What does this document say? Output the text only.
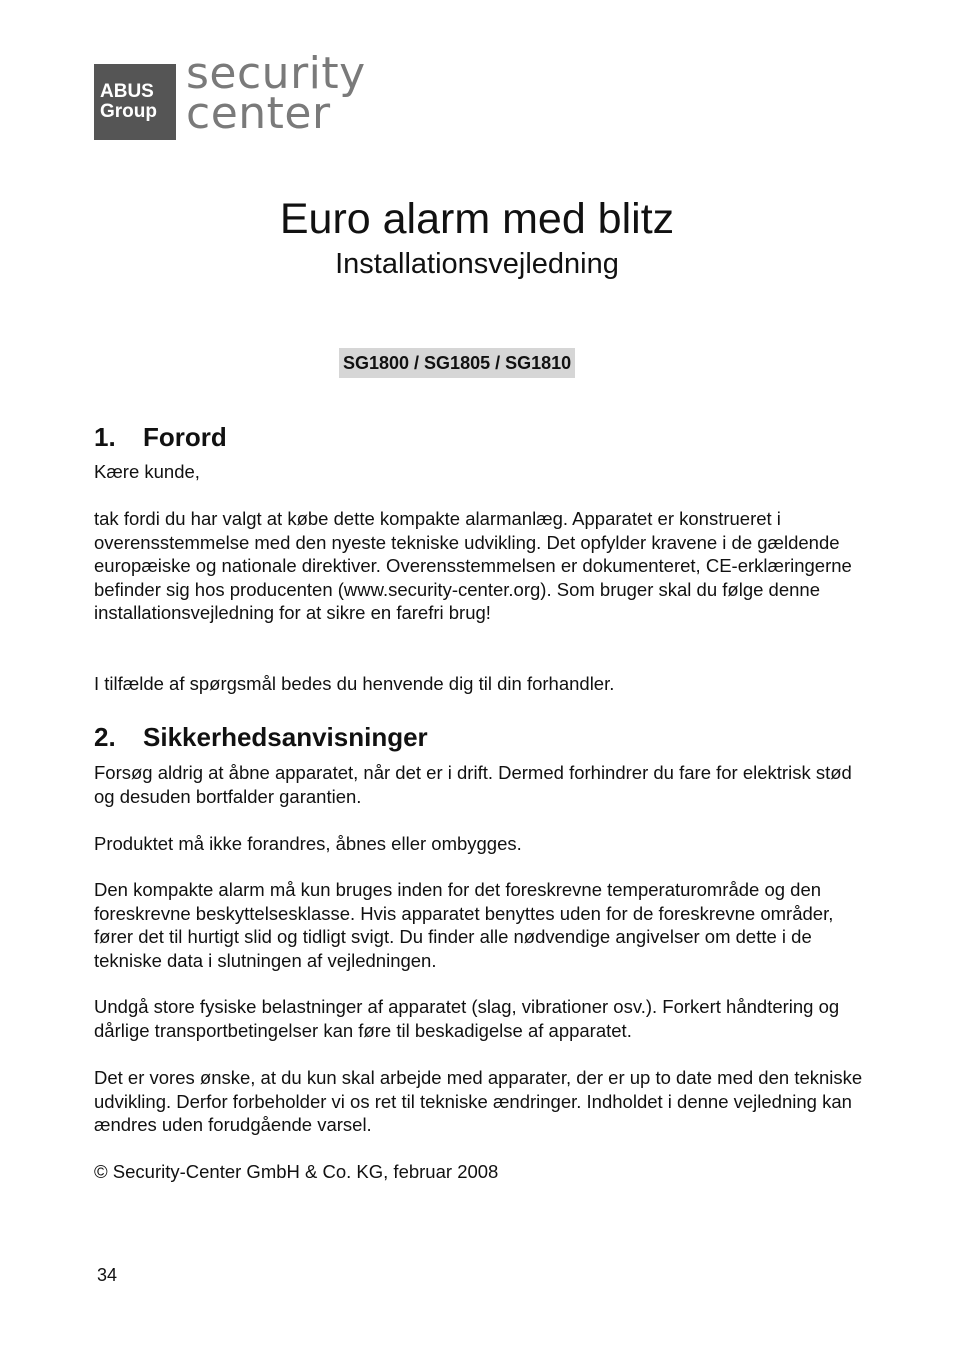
ABUS
Group
security
center
Euro alarm med blitz
Installationsvejledning
SG1800 / SG1805 / SG1810
1. Forord

Kære kunde,

tak fordi du har valgt at købe dette kompakte alarmanlæg. Apparatet er konstrueret i overensstemmelse med den nyeste tekniske udvikling. Det opfylder kravene i de gældende europæiske og nationale direktiver. Overensstemmelsen er dokumenteret, CE-erklæringerne befinder sig hos producenten (www.security-center.org). Som bruger skal du følge denne installationsvejledning for at sikre en farefri brug!

I tilfælde af spørgsmål bedes du henvende dig til din forhandler.

2. Sikkerhedsanvisninger

Forsøg aldrig at åbne apparatet, når det er i drift. Dermed forhindrer du fare for elektrisk stød og desuden bortfalder garantien.

Produktet må ikke forandres, åbnes eller ombygges.

Den kompakte alarm må kun bruges inden for det foreskrevne temperaturområde og den foreskrevne beskyttelsesklasse. Hvis apparatet benyttes uden for de foreskrevne områder, fører det til hurtigt slid og tidligt svigt. Du finder alle nødvendige angivelser om dette i de tekniske data i slutningen af vejledningen.

Undgå store fysiske belastninger af apparatet (slag, vibrationer osv.). Forkert håndtering og dårlige transportbetingelser kan føre til beskadigelse af apparatet.

Det er vores ønske, at du kun skal arbejde med apparater, der er up to date med den tekniske udvikling. Derfor forbeholder vi os ret til tekniske ændringer. Indholdet i denne vejledning kan ændres uden forudgående varsel.

© Security-Center GmbH & Co. KG, februar 2008

34
